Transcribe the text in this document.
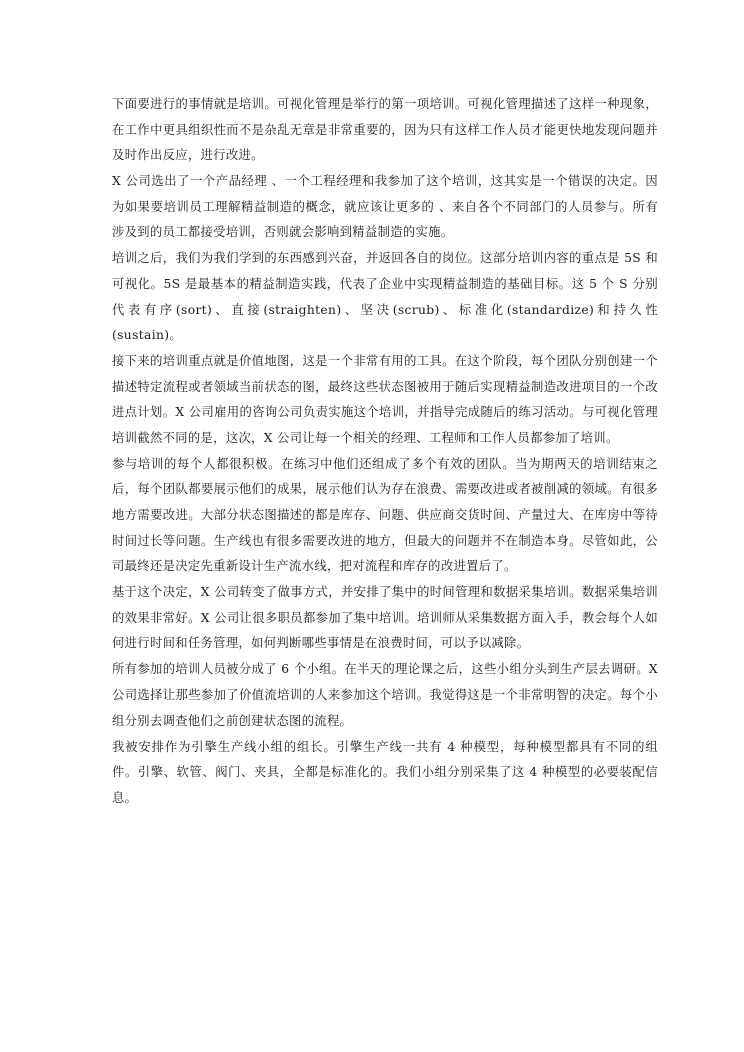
下面要进行的事情就是培训。可视化管理是举行的第一项培训。可视化管理描述了这样一种现象，在工作中更具组织性而不是杂乱无章是非常重要的，因为只有这样工作人员才能更快地发现问题并及时作出反应，进行改进。

X 公司选出了一个产品经理 、一个工程经理和我参加了这个培训，这其实是一个错误的决定。因为如果要培训员工理解精益制造的概念，就应该让更多的 、来自各个不同部门的人员参与。所有涉及到的员工都接受培训，否则就会影响到精益制造的实施。

培训之后，我们为我们学到的东西感到兴奋，并返回各自的岗位。这部分培训内容的重点是 5S 和可视化。5S 是最基本的精益制造实践，代表了企业中实现精益制造的基础目标。这 5 个 S 分别代表有序(sort)、直接(straighten)、坚决(scrub)、标准化(standardize)和持久性(sustain)。

接下来的培训重点就是价值地图，这是一个非常有用的工具。在这个阶段，每个团队分别创建一个描述特定流程或者领域当前状态的图，最终这些状态图被用于随后实现精益制造改进项目的一个改进点计划。X 公司雇用的咨询公司负责实施这个培训，并指导完成随后的练习活动。与可视化管理培训截然不同的是，这次，X 公司让每一个相关的经理、工程师和工作人员都参加了培训。

参与培训的每个人都很积极。在练习中他们还组成了多个有效的团队。当为期两天的培训结束之后，每个团队都要展示他们的成果，展示他们认为存在浪费、需要改进或者被削减的领域。有很多地方需要改进。大部分状态图描述的都是库存、问题、供应商交货时间、产量过大、在库房中等待时间过长等问题。生产线也有很多需要改进的地方，但最大的问题并不在制造本身。尽管如此，公司最终还是决定先重新设计生产流水线，把对流程和库存的改进置后了。

基于这个决定，X 公司转变了做事方式，并安排了集中的时间管理和数据采集培训。数据采集培训的效果非常好。X 公司让很多职员都参加了集中培训。培训师从采集数据方面入手，教会每个人如何进行时间和任务管理，如何判断哪些事情是在浪费时间，可以予以减除。

所有参加的培训人员被分成了 6 个小组。在半天的理论课之后，这些小组分头到生产层去调研。X 公司选择让那些参加了价值流培训的人来参加这个培训。我觉得这是一个非常明智的决定。每个小组分别去调查他们之前创建状态图的流程。

我被安排作为引擎生产线小组的组长。引擎生产线一共有 4 种模型，每种模型都具有不同的组件。引擎、软管、阀门、夹具，全都是标准化的。我们小组分别采集了这 4 种模型的必要装配信息。
